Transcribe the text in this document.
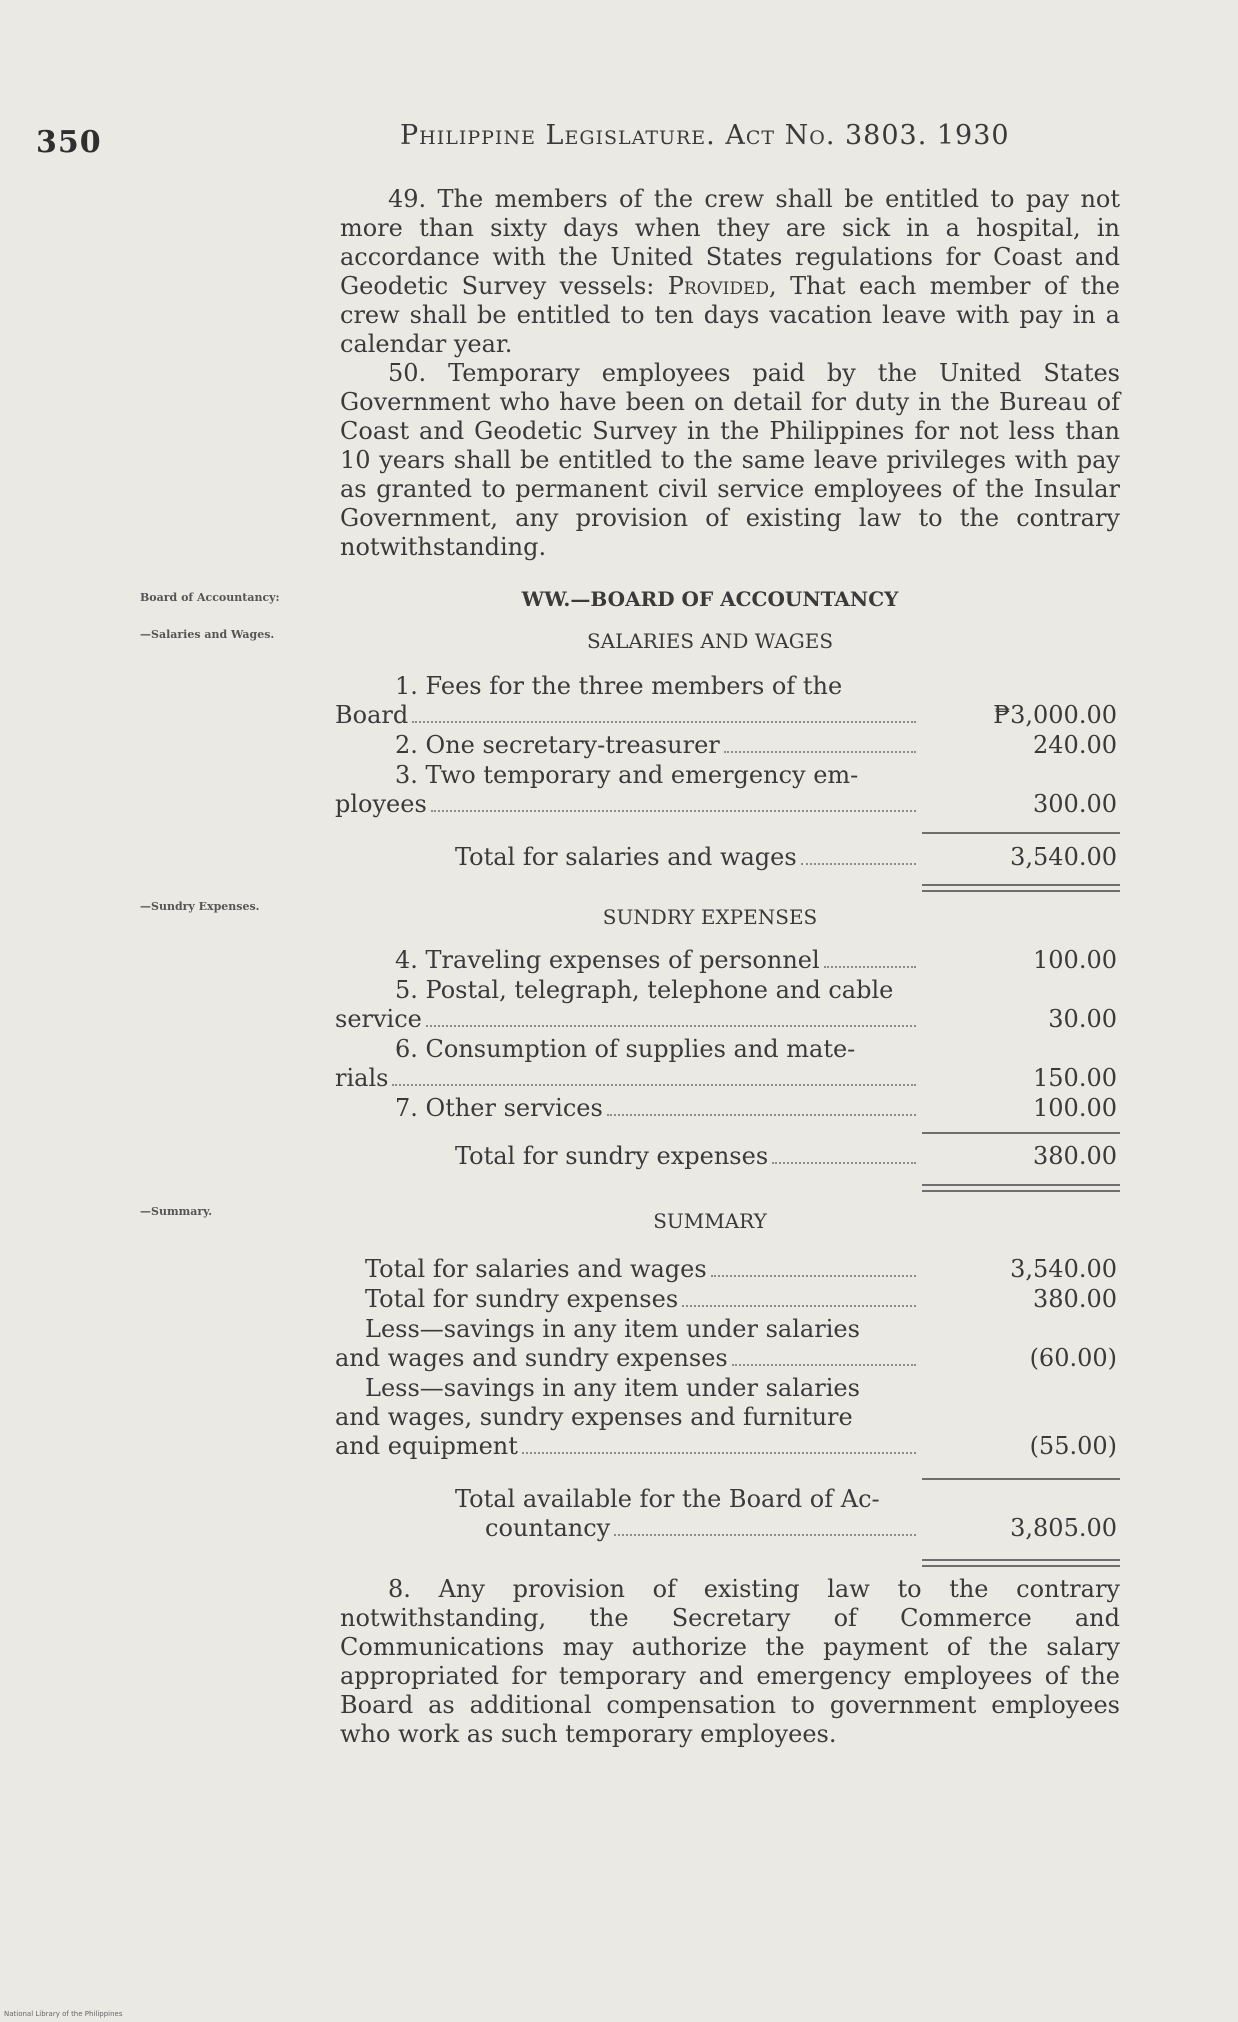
350	Philippine Legislature. Act No. 3803. 1930

49. The members of the crew shall be entitled to pay not more than sixty days when they are sick in a hospital, in accordance with the United States regulations for Coast and Geodetic Survey vessels: Provided, That each member of the crew shall be entitled to ten days vacation leave with pay in a calendar year.

50. Temporary employees paid by the United States Government who have been on detail for duty in the Bureau of Coast and Geodetic Survey in the Philippines for not less than 10 years shall be entitled to the same leave privileges with pay as granted to permanent civil service employees of the Insular Government, any provision of existing law to the contrary notwithstanding.

Board of Accountancy:
—Salaries and Wages.
—Sundry Expenses.
—Summary.
WW.—BOARD OF ACCOUNTANCY
SALARIES AND WAGES
1. Fees for the three members of the
Board	₱3,000.00
2. One secretary-treasurer	240.00
3. Two temporary and emergency em-
ployees	300.00
Total for salaries and wages	3,540.00
SUNDRY EXPENSES
4. Traveling expenses of personnel	100.00
5. Postal, telegraph, telephone and cable
service	30.00
6. Consumption of supplies and mate-
rials	150.00
7. Other services	100.00
Total for sundry expenses	380.00
SUMMARY
Total for salaries and wages	3,540.00
Total for sundry expenses	380.00
Less—savings in any item under salaries
and wages and sundry expenses	(60.00)
Less—savings in any item under salaries
and wages, sundry expenses and furniture
and equipment	(55.00)
Total available for the Board of Ac-
countancy	3,805.00

8. Any provision of existing law to the contrary notwithstanding, the Secretary of Commerce and Communications may authorize the payment of the salary appropriated for temporary and emergency employees of the Board as additional compensation to government employees who work as such temporary employees.

National Library of the Philippines
